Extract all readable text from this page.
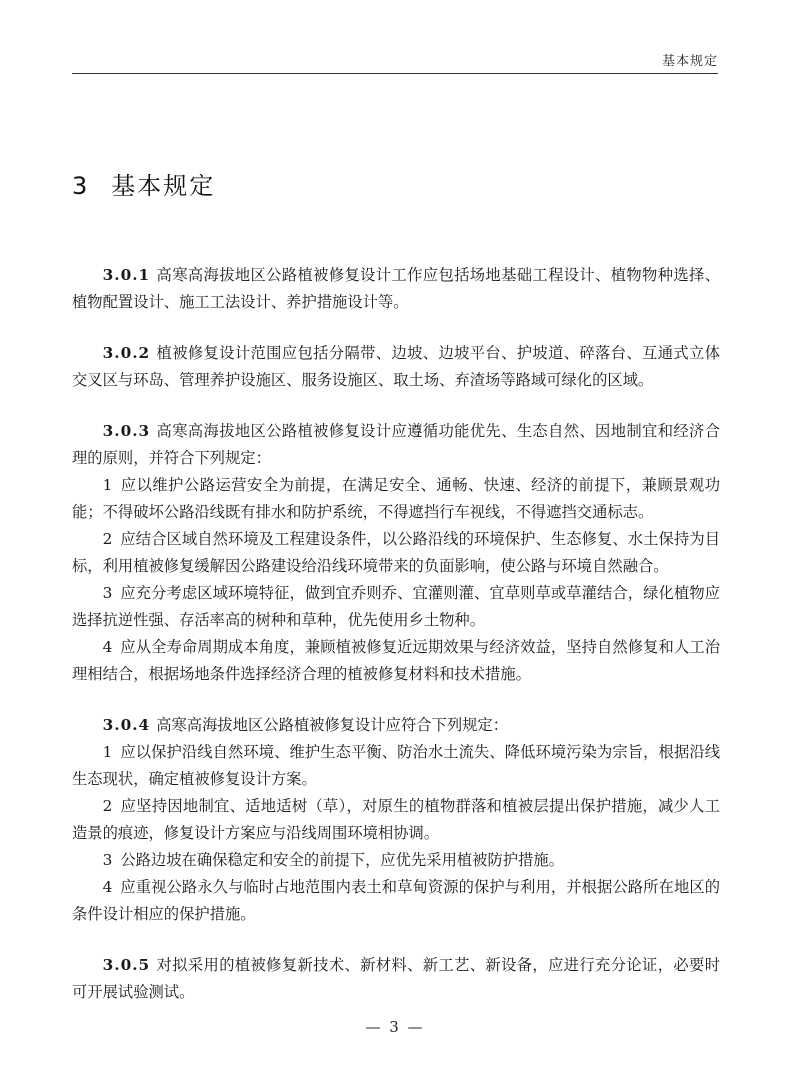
基本规定
3 基本规定

3.0.1 高寒高海拔地区公路植被修复设计工作应包括场地基础工程设计、植物物种选择、植物配置设计、施工工法设计、养护措施设计等。

3.0.2 植被修复设计范围应包括分隔带、边坡、边坡平台、护坡道、碎落台、互通式立体交叉区与环岛、管理养护设施区、服务设施区、取土场、弃渣场等路域可绿化的区域。

3.0.3 高寒高海拔地区公路植被修复设计应遵循功能优先、生态自然、因地制宜和经济合理的原则，并符合下列规定：

1 应以维护公路运营安全为前提，在满足安全、通畅、快速、经济的前提下，兼顾景观功能；不得破坏公路沿线既有排水和防护系统，不得遮挡行车视线，不得遮挡交通标志。

2 应结合区域自然环境及工程建设条件，以公路沿线的环境保护、生态修复、水土保持为目标，利用植被修复缓解因公路建设给沿线环境带来的负面影响，使公路与环境自然融合。

3 应充分考虑区域环境特征，做到宜乔则乔、宜灌则灌、宜草则草或草灌结合，绿化植物应选择抗逆性强、存活率高的树种和草种，优先使用乡土物种。

4 应从全寿命周期成本角度，兼顾植被修复近远期效果与经济效益，坚持自然修复和人工治理相结合，根据场地条件选择经济合理的植被修复材料和技术措施。

3.0.4 高寒高海拔地区公路植被修复设计应符合下列规定：

1 应以保护沿线自然环境、维护生态平衡、防治水土流失、降低环境污染为宗旨，根据沿线生态现状，确定植被修复设计方案。

2 应坚持因地制宜、适地适树（草），对原生的植物群落和植被层提出保护措施，减少人工造景的痕迹，修复设计方案应与沿线周围环境相协调。

3 公路边坡在确保稳定和安全的前提下，应优先采用植被防护措施。

4 应重视公路永久与临时占地范围内表土和草甸资源的保护与利用，并根据公路所在地区的条件设计相应的保护措施。

3.0.5 对拟采用的植被修复新技术、新材料、新工艺、新设备，应进行充分论证，必要时可开展试验测试。

— 3 —
